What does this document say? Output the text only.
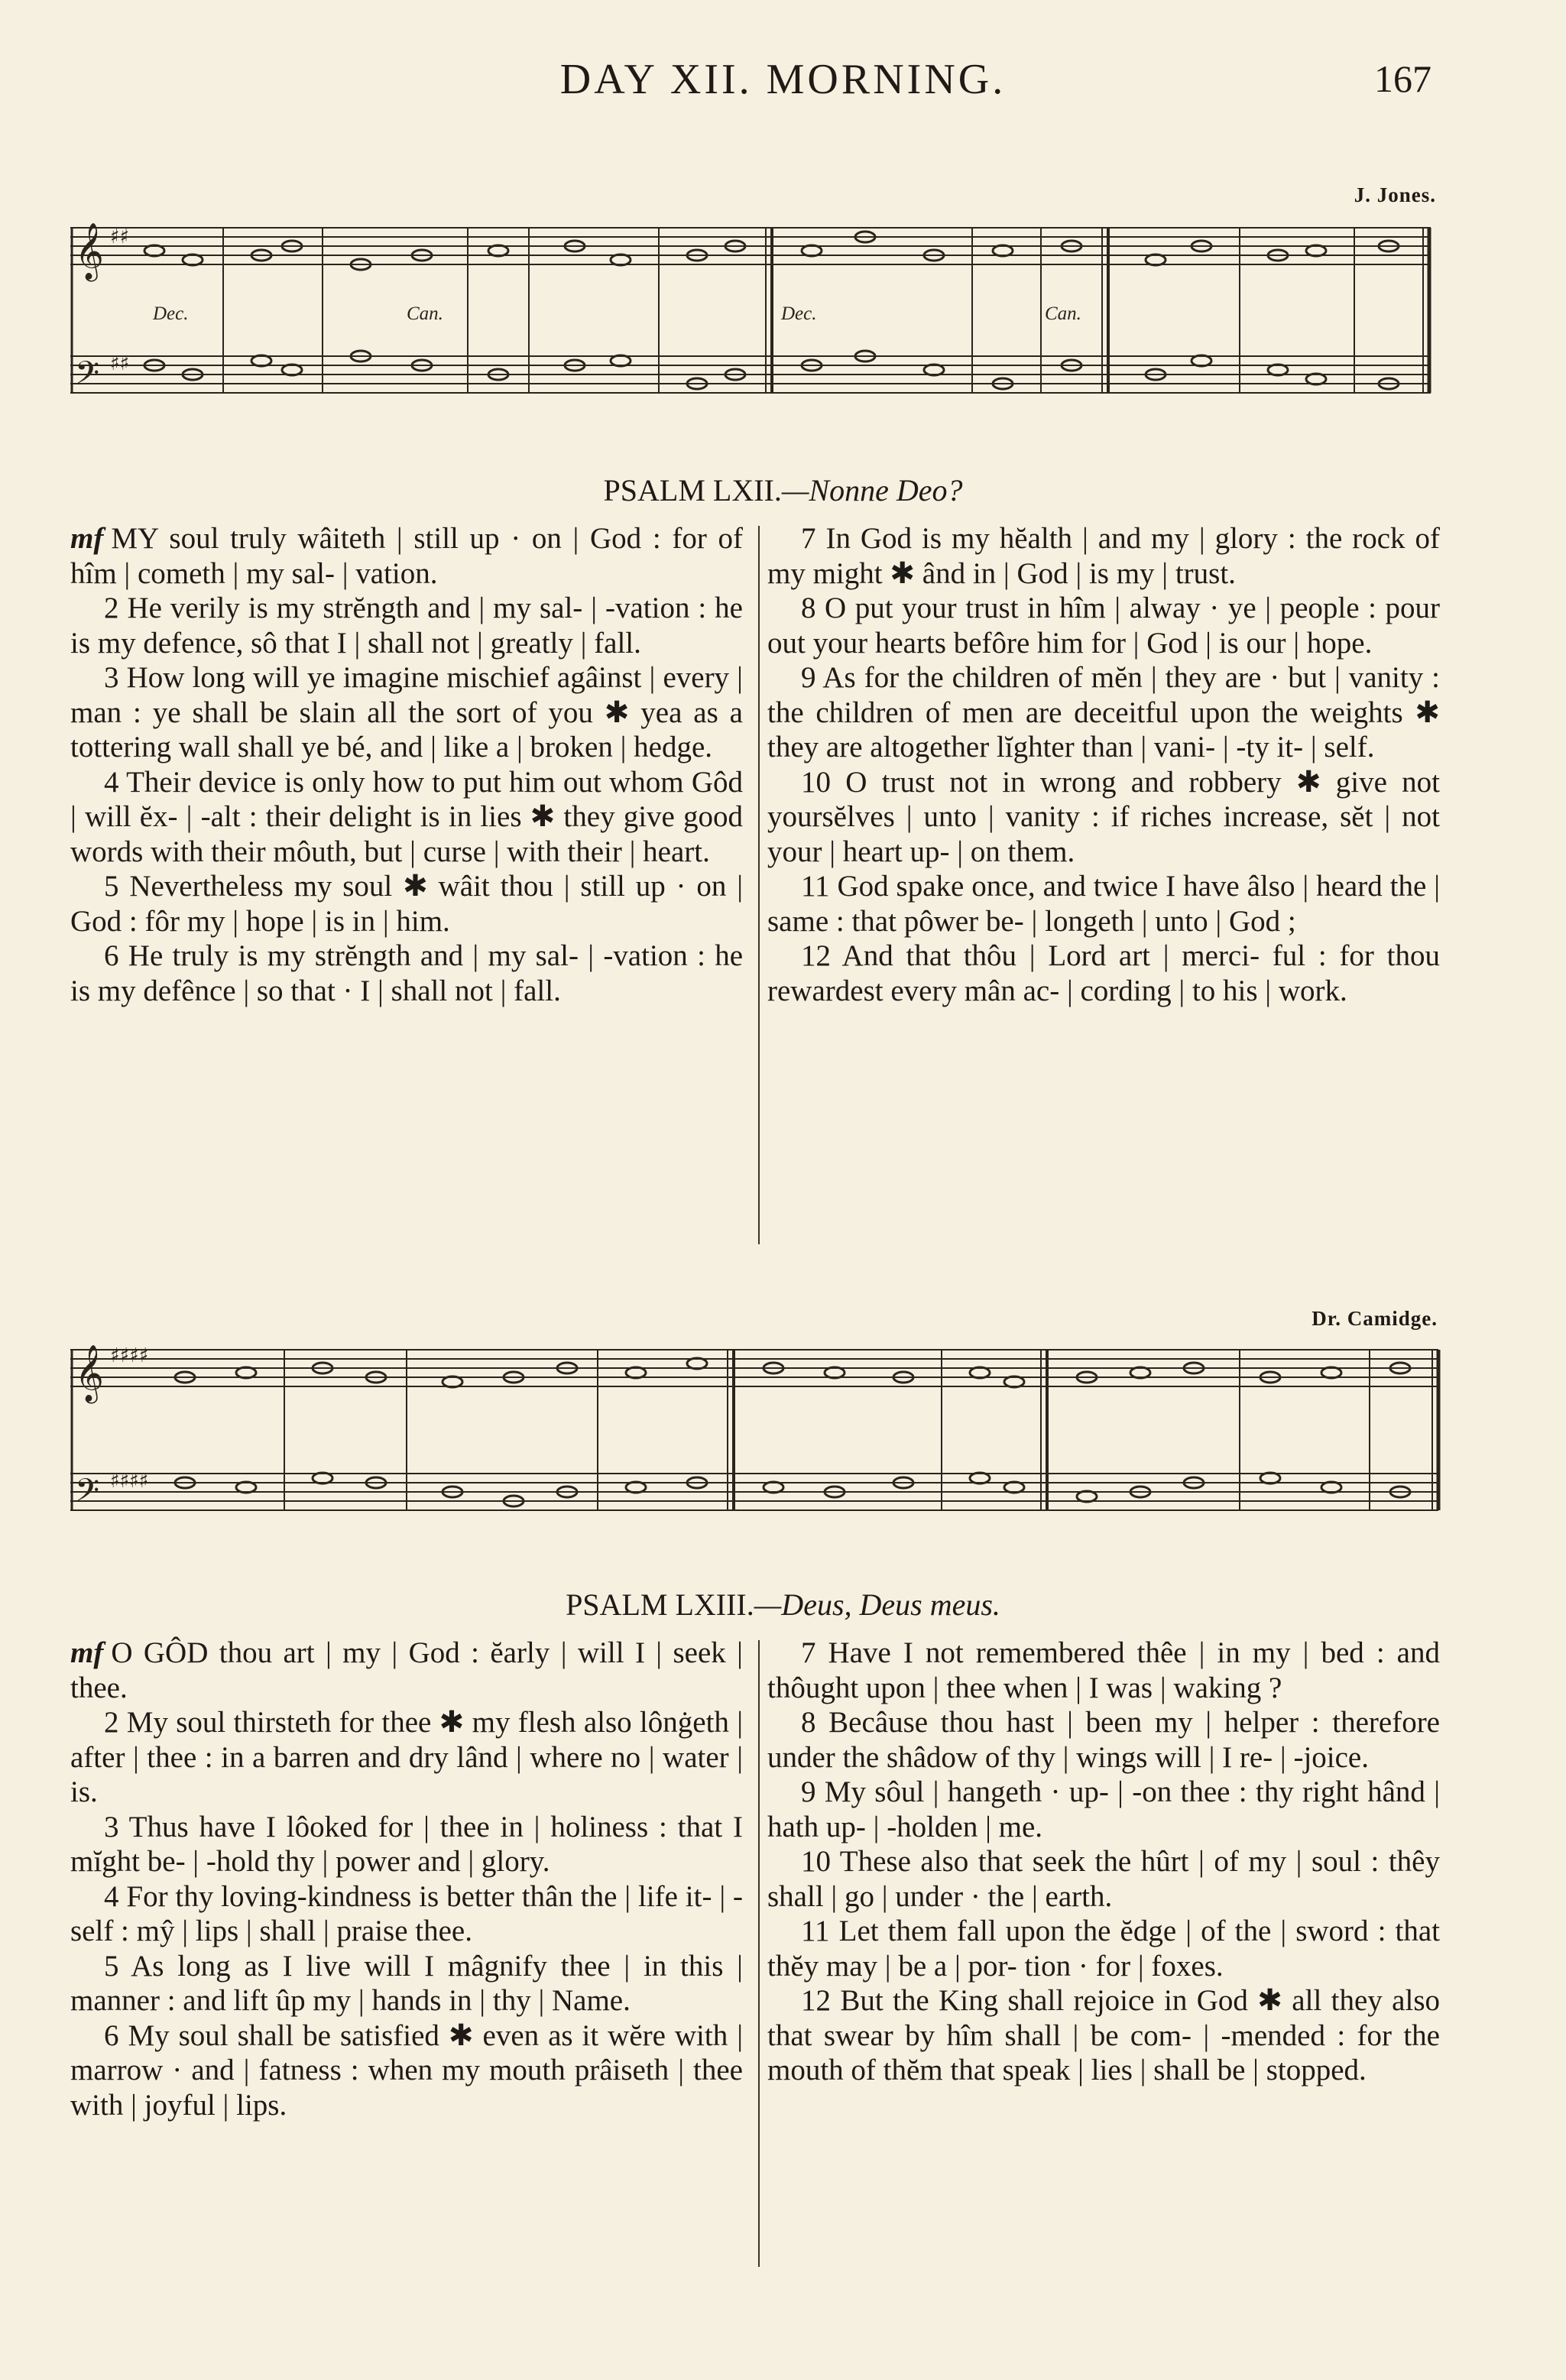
DAY XII. MORNING.	167
J. Jones.
𝄞
𝄢
♯♯
♯♯
Dec.	Can.	Dec.	Can.
PSALM LXII.—Nonne Deo?

mf MY soul truly wâiteth | still up · on | God : for of hîm | cometh | my sal- | vation.

2 He verily is my strĕngth and | my sal- | -vation : he is my defence, sô that I | shall not | greatly | fall.

3 How long will ye imagine mischief agâinst | every | man : ye shall be slain all the sort of you ✱ yea as a tottering wall shall ye bé, and | like a | broken | hedge.

4 Their device is only how to put him out whom Gôd | will ĕx- | -alt : their delight is in lies ✱ they give good words with their môuth, but | curse | with their | heart.

5 Nevertheless my soul ✱ wâit thou | still up · on | God : fôr my | hope | is in | him.

6 He truly is my strĕngth and | my sal- | -vation : he is my defênce | so that · I | shall not | fall.

7 In God is my hĕalth | and my | glory : the rock of my might ✱ ând in | God | is my | trust.

8 O put your trust in hîm | alway · ye | people : pour out your hearts befôre him for | God | is our | hope.

9 As for the children of mĕn | they are · but | vanity : the children of men are deceitful upon the weights ✱ they are altogether lĭghter than | vani- | -ty it- | self.

10 O trust not in wrong and robbery ✱ give not yoursĕlves | unto | vanity : if riches increase, sĕt | not your | heart up- | on them.

11 God spake once, and twice I have âlso | heard the | same : that pôwer be- | longeth | unto | God ;

12 And that thôu | Lord art | merci- ful : for thou rewardest every mân ac- | cording | to his | work.

Dr. Camidge.
𝄞
𝄢
♯♯♯♯
♯♯♯♯
PSALM LXIII.—Deus, Deus meus.

mf O GÔD thou art | my | God : ĕarly | will I | seek | thee.

2 My soul thirsteth for thee ✱ my flesh also lônġeth | after | thee : in a barren and dry lând | where no | water | is.

3 Thus have I lôoked for | thee in | holiness : that I mĭght be- | -hold thy | power and | glory.

4 For thy loving-kindness is better thân the | life it- | -self : mŷ | lips | shall | praise thee.

5 As long as I live will I mâgnify thee | in this | manner : and lift ûp my | hands in | thy | Name.

6 My soul shall be satisfied ✱ even as it wĕre with | marrow · and | fatness : when my mouth prâiseth | thee with | joyful | lips.

7 Have I not remembered thêe | in my | bed : and thôught upon | thee when | I was | waking ?

8 Becâuse thou hast | been my | helper : therefore under the shâdow of thy | wings will | I re- | -joice.

9 My sôul | hangeth · up- | -on thee : thy right hând | hath up- | -holden | me.

10 These also that seek the hûrt | of my | soul : thêy shall | go | under · the | earth.

11 Let them fall upon the ĕdge | of the | sword : that thĕy may | be a | por- tion · for | foxes.

12 But the King shall rejoice in God ✱ all they also that swear by hîm shall | be com- | -mended : for the mouth of thĕm that speak | lies | shall be | stopped.
